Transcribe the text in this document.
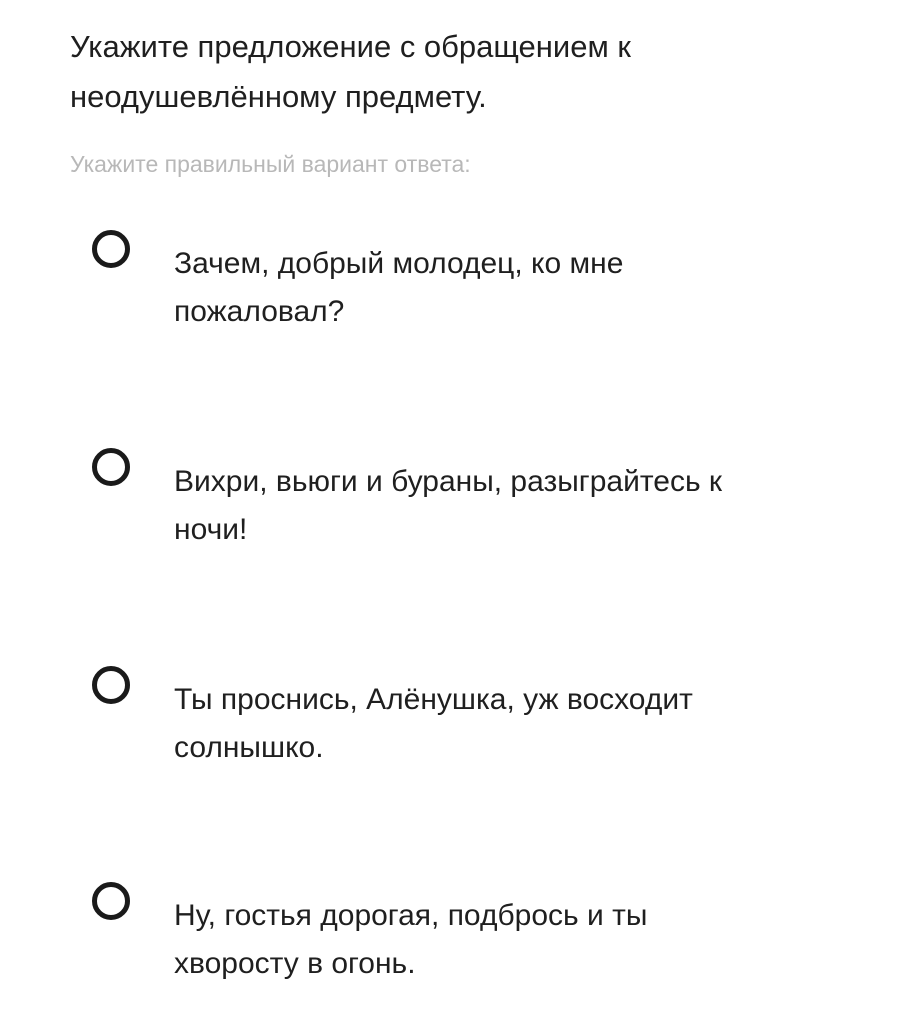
Укажите предложение с обращением к неодушевлённому предмету.

Укажите правильный вариант ответа:

Зачем, добрый молодец, ко мне пожаловал?
Вихри, вьюги и бураны, разыграйтесь к ночи!
Ты проснись, Алёнушка, уж восходит солнышко.
Ну, гостья дорогая, подбрось и ты хворосту в огонь.
